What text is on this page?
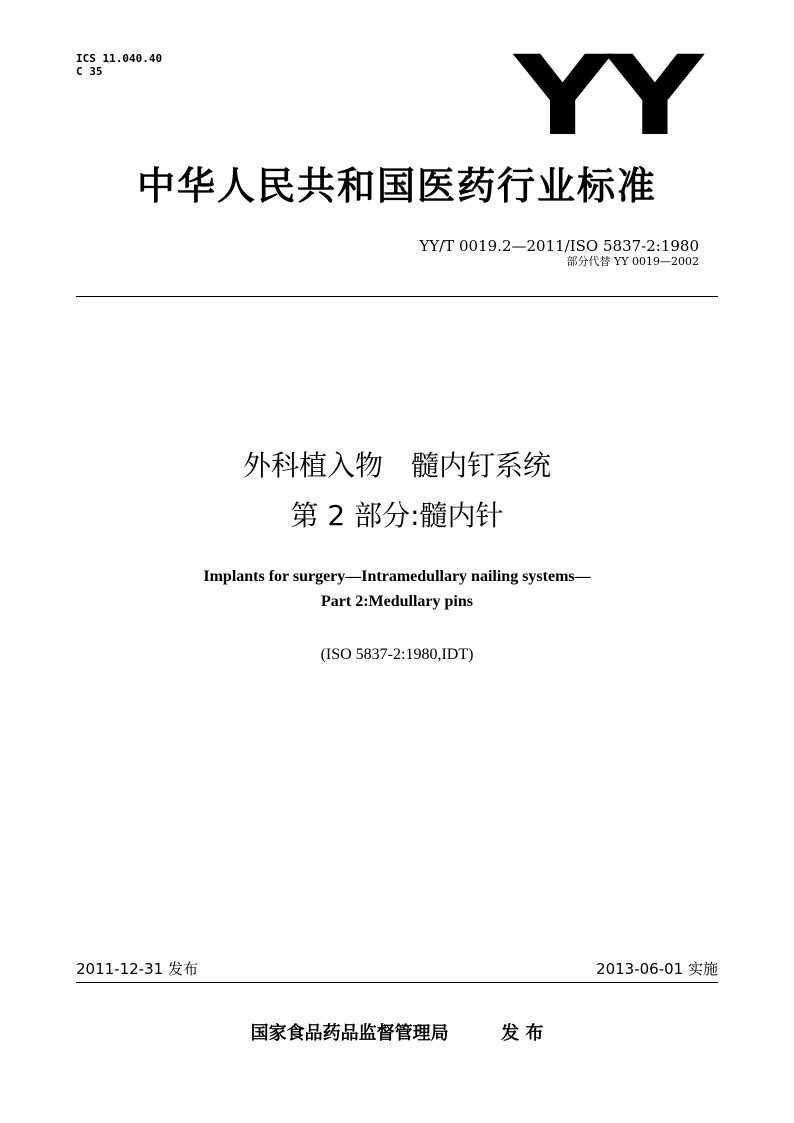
ICS 11.040.40
C 35	YY
中华人民共和国医药行业标准
YY/T 0019.2—2011/ISO 5837-2:1980
部分代替 YY 0019—2002
外科植入物　髓内钉系统
第 2 部分:髓内针
Implants for surgery—Intramedullary nailing systems—
Part 2:Medullary pins
(ISO 5837-2:1980,IDT)
2011-12-31 发布	2013-06-01 实施
国家食品药品监督管理局	发 布
